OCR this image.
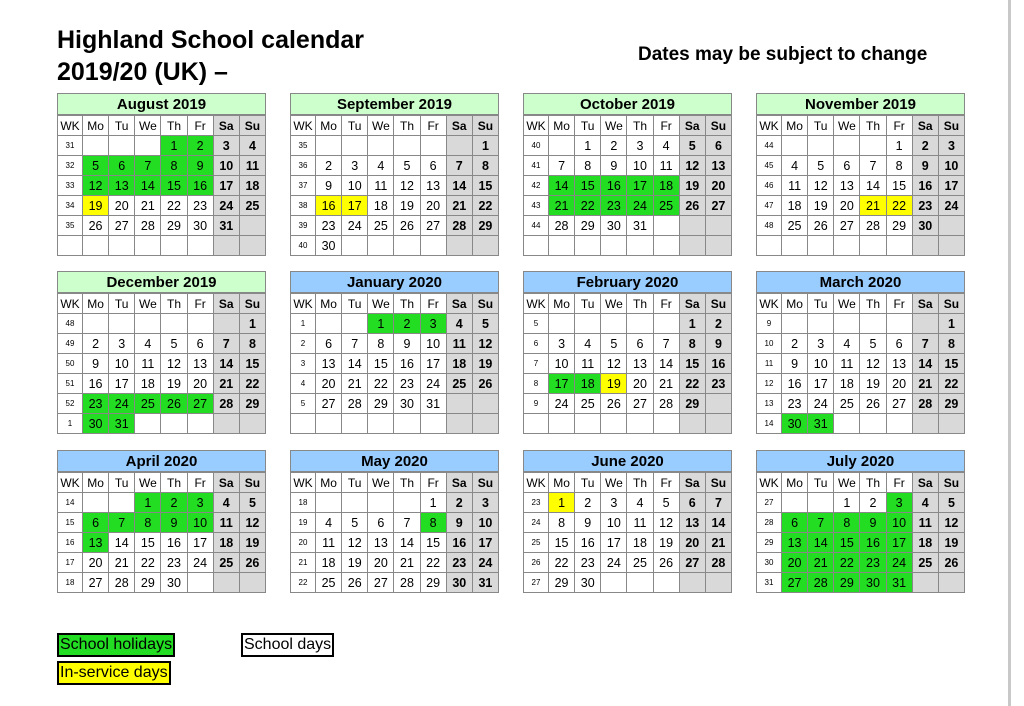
Highland School calendar
2019/20 (UK) –
Dates may be subject to change
August 2019
WK	Mo	Tu	We	Th	Fr	Sa	Su
31				1	2	3	4
32	5	6	7	8	9	10	11
33	12	13	14	15	16	17	18
34	19	20	21	22	23	24	25
35	26	27	28	29	30	31	

September 2019
WK	Mo	Tu	We	Th	Fr	Sa	Su
35							1
36	2	3	4	5	6	7	8
37	9	10	11	12	13	14	15
38	16	17	18	19	20	21	22
39	23	24	25	26	27	28	29
40	30						
October 2019
WK	Mo	Tu	We	Th	Fr	Sa	Su
40		1	2	3	4	5	6
41	7	8	9	10	11	12	13
42	14	15	16	17	18	19	20
43	21	22	23	24	25	26	27
44	28	29	30	31			

November 2019
WK	Mo	Tu	We	Th	Fr	Sa	Su
44					1	2	3
45	4	5	6	7	8	9	10
46	11	12	13	14	15	16	17
47	18	19	20	21	22	23	24
48	25	26	27	28	29	30	

December 2019
WK	Mo	Tu	We	Th	Fr	Sa	Su
48							1
49	2	3	4	5	6	7	8
50	9	10	11	12	13	14	15
51	16	17	18	19	20	21	22
52	23	24	25	26	27	28	29
1	30	31					
January 2020
WK	Mo	Tu	We	Th	Fr	Sa	Su
1			1	2	3	4	5
2	6	7	8	9	10	11	12
3	13	14	15	16	17	18	19
4	20	21	22	23	24	25	26
5	27	28	29	30	31		

February 2020
WK	Mo	Tu	We	Th	Fr	Sa	Su
5						1	2
6	3	4	5	6	7	8	9
7	10	11	12	13	14	15	16
8	17	18	19	20	21	22	23
9	24	25	26	27	28	29	

March 2020
WK	Mo	Tu	We	Th	Fr	Sa	Su
9							1
10	2	3	4	5	6	7	8
11	9	10	11	12	13	14	15
12	16	17	18	19	20	21	22
13	23	24	25	26	27	28	29
14	30	31					
April 2020
WK	Mo	Tu	We	Th	Fr	Sa	Su
14			1	2	3	4	5
15	6	7	8	9	10	11	12
16	13	14	15	16	17	18	19
17	20	21	22	23	24	25	26
18	27	28	29	30			
May 2020
WK	Mo	Tu	We	Th	Fr	Sa	Su
18					1	2	3
19	4	5	6	7	8	9	10
20	11	12	13	14	15	16	17
21	18	19	20	21	22	23	24
22	25	26	27	28	29	30	31
June 2020
WK	Mo	Tu	We	Th	Fr	Sa	Su
23	1	2	3	4	5	6	7
24	8	9	10	11	12	13	14
25	15	16	17	18	19	20	21
26	22	23	24	25	26	27	28
27	29	30					
July 2020
WK	Mo	Tu	We	Th	Fr	Sa	Su
27			1	2	3	4	5
28	6	7	8	9	10	11	12
29	13	14	15	16	17	18	19
30	20	21	22	23	24	25	26
31	27	28	29	30	31		
School holidays
In-service days
School days
